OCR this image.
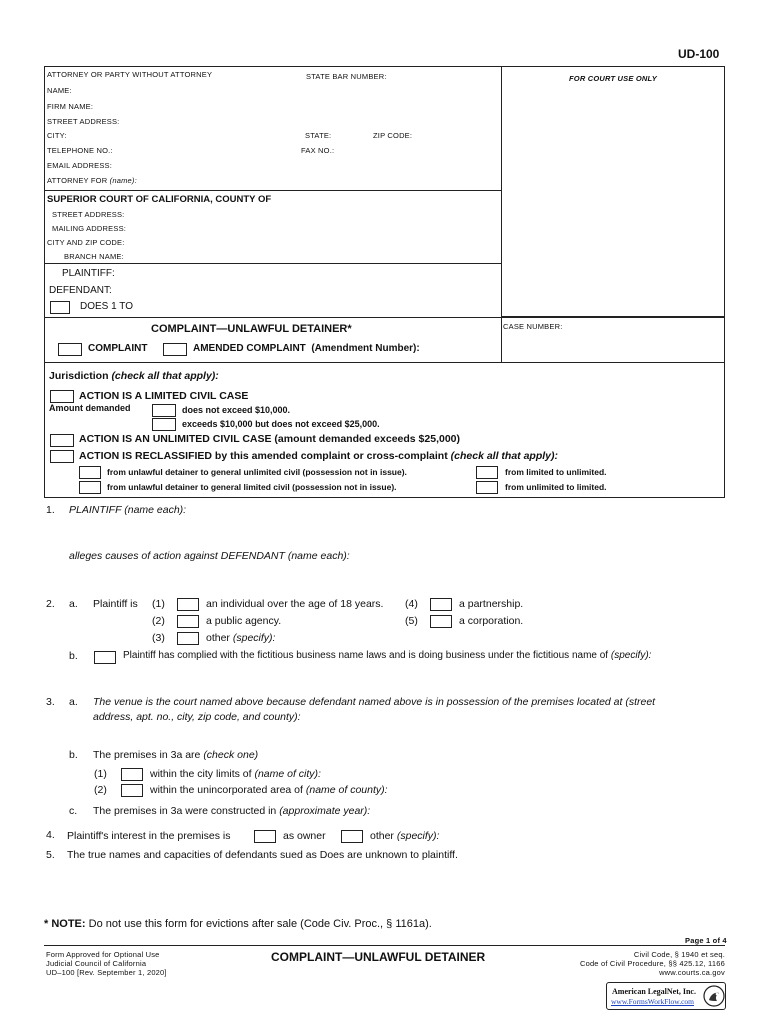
UD-100
ATTORNEY OR PARTY WITHOUT ATTORNEY	STATE BAR NUMBER:
NAME:
FIRM NAME:
STREET ADDRESS:
CITY:	STATE:	ZIP CODE:
TELEPHONE NO.:	FAX NO.:
EMAIL ADDRESS:
ATTORNEY FOR (name):
FOR COURT USE ONLY
SUPERIOR COURT OF CALIFORNIA, COUNTY OF
STREET ADDRESS:
MAILING ADDRESS:
CITY AND ZIP CODE:
BRANCH NAME:
PLAINTIFF:
DEFENDANT:
DOES 1 TO
COMPLAINT—UNLAWFUL DETAINER*
COMPLAINT	AMENDED COMPLAINT (Amendment Number):
CASE NUMBER:
Jurisdiction (check all that apply):
ACTION IS A LIMITED CIVIL CASE
Amount demanded	does not exceed $10,000.
exceeds $10,000 but does not exceed $25,000.
ACTION IS AN UNLIMITED CIVIL CASE (amount demanded exceeds $25,000)
ACTION IS RECLASSIFIED by this amended complaint or cross-complaint (check all that apply):
from unlawful detainer to general unlimited civil (possession not in issue).	from limited to unlimited.
from unlawful detainer to general limited civil (possession not in issue).	from unlimited to limited.
1. PLAINTIFF (name each):
alleges causes of action against DEFENDANT (name each):
2. a. Plaintiff is (1)	an individual over the age of 18 years.
(2)	a public agency.
(3)	other (specify):
(4)	a partnership.
(5)	a corporation.
b.	Plaintiff has complied with the fictitious business name laws and is doing business under the fictitious name of (specify):
3. a. The venue is the court named above because defendant named above is in possession of the premises located at (street
address, apt. no., city, zip code, and county):
b. The premises in 3a are (check one)
(1)	within the city limits of (name of city):
(2)	within the unincorporated area of (name of county):
c. The premises in 3a were constructed in (approximate year):
4. Plaintiff's interest in the premises is	as owner	other (specify):
5. The true names and capacities of defendants sued as Does are unknown to plaintiff.
* NOTE: Do not use this form for evictions after sale (Code Civ. Proc., § 1161a).
Page 1 of 4
Form Approved for Optional Use
Judicial Council of California
UD–100 [Rev. September 1, 2020]
COMPLAINT—UNLAWFUL DETAINER	Civil Code, § 1940 et seq.
Code of Civil Procedure, §§ 425.12, 1166
www.courts.ca.gov
American LegalNet, Inc.
www.FormsWorkFlow.com
